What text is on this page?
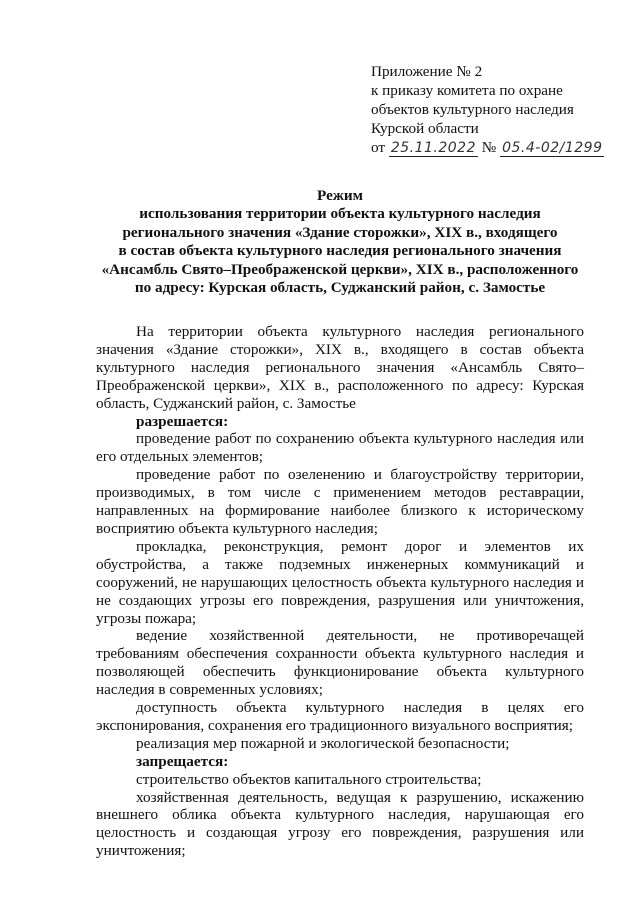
Приложение № 2
к приказу комитета по охране
объектов культурного наследия
Курской области
от 25.11.2022 № 05.4-02/1299
Режим
использования территории объекта культурного наследия
регионального значения «Здание сторожки», XIX в., входящего
в состав объекта культурного наследия регионального значения
«Ансамбль Свято–Преображенской церкви», XIX в., расположенного
по адресу: Курская область, Суджанский район, с. Замостье

На территории объекта культурного наследия регионального значения «Здание сторожки», XIX в., входящего в состав объекта культурного наследия регионального значения «Ансамбль Свято–Преображенской церкви», XIX в., расположенного по адресу: Курская область, Суджанский район, с. Замостье

разрешается:

проведение работ по сохранению объекта культурного наследия или его отдельных элементов;

проведение работ по озеленению и благоустройству территории, производимых, в том числе с применением методов реставрации, направленных на формирование наиболее близкого к историческому восприятию объекта культурного наследия;

прокладка, реконструкция, ремонт дорог и элементов их обустройства, а также подземных инженерных коммуникаций и сооружений, не нарушающих целостность объекта культурного наследия и не создающих угрозы его повреждения, разрушения или уничтожения, угрозы пожара;

ведение хозяйственной деятельности, не противоречащей требованиям обеспечения сохранности объекта культурного наследия и позволяющей обеспечить функционирование объекта культурного наследия в современных условиях;

доступность объекта культурного наследия в целях его экспонирования, сохранения его традиционного визуального восприятия;

реализация мер пожарной и экологической безопасности;

запрещается:

строительство объектов капитального строительства;

хозяйственная деятельность, ведущая к разрушению, искажению внешнего облика объекта культурного наследия, нарушающая его целостность и создающая угрозу его повреждения, разрушения или уничтожения;
